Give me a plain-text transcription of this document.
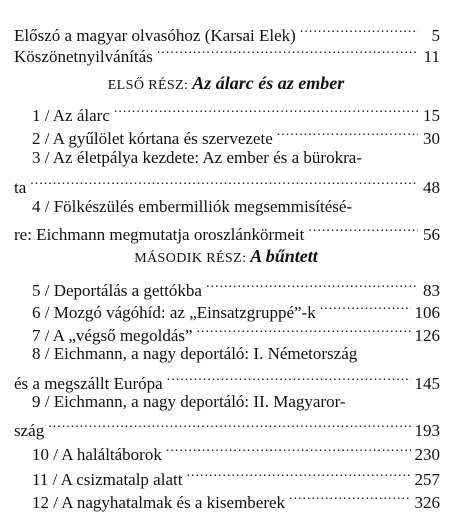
Előszó a magyar olvasóhoz (Karsai Elek) .....	5
Köszönetnyilvánítás .....	11
ELSŐ RÉSZ: Az álarc és az ember
1 / Az álarc .....	15
2 / A gyűlölet kórtana és szervezete .....	30
3 / Az életpálya kezdete: Az ember és a bürokra-
ta .....	48
4 / Fölkészülés embermilliók megsemmisítésé-
re: Eichmann megmutatja oroszlánkörmeit .....	56
MÁSODIK RÉSZ: A bűntett
5 / Deportálás a gettókba .....	83
6 / Mozgó vágóhíd: az „Einsatzgruppé”-k .....	106
7 / A „végső megoldás” .....	126
8 / Eichmann, a nagy deportáló: I. Németország
és a megszállt Európa .....	145
9 / Eichmann, a nagy deportáló: II. Magyaror-
szág .....	193
10 / A haláltáborok .....	230
11 / A csizmatalp alatt .....	257
12 / A nagyhatalmak és a kisemberek .....	326
